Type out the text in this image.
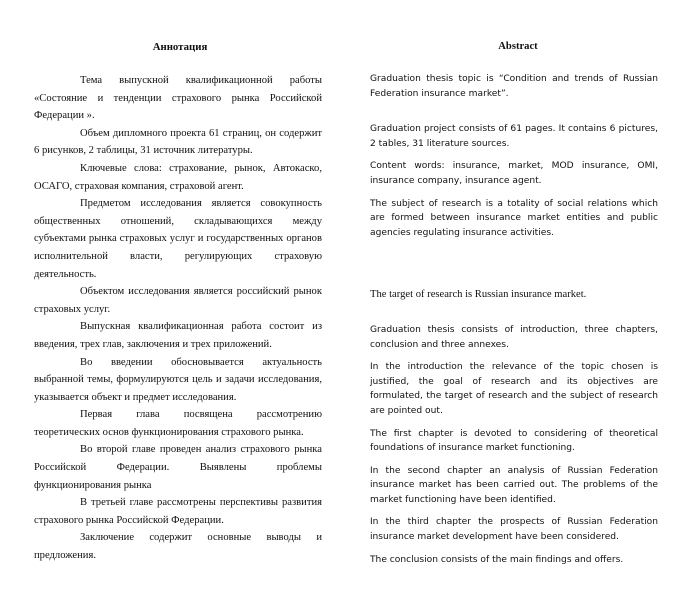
Аннотация

Тема выпускной квалификационной работы «Состояние и тенденции страхового рынка Российской Федерации ».

Объем дипломного проекта 61 страниц, он содержит 6 рисунков, 2 таблицы, 31 источник литературы.

Ключевые слова: страхование, рынок, Автокаско, ОСАГО, страховая компания, страховой агент.

Предметом исследования является совокупность общественных отношений, складывающихся между субъектами рынка страховых услуг и государственных органов исполнительной власти, регулирующих страховую деятельность.

Объектом исследования является российский рынок страховых услуг.

Выпускная квалификационная работа состоит из введения, трех глав, заключения и трех приложений.

Во введении обосновывается актуальность выбранной темы, формулируются цель и задачи исследования, указывается объект и предмет исследования.

Первая глава посвящена рассмотрению теоретических основ функционирования страхового рынка.

Во второй главе проведен анализ страхового рынка Российской Федерации. Выявлены проблемы функционирования рынка

В третьей главе рассмотрены перспективы развития страхового рынка Российской Федерации.

Заключение содержит основные выводы и предложения.

Abstract

Graduation thesis topic is “Condition and trends of Russian Federation insurance market”.

Graduation project consists of 61 pages. It contains 6 pictures, 2 tables, 31 literature sources.

Content words: insurance, market, MOD insurance, OMI, insurance company, insurance agent.

The subject of research is a totality of social relations which are formed between insurance market entities and public agencies regulating insurance activities.

The target of research is Russian insurance market.

Graduation thesis consists of introduction, three chapters, conclusion and three annexes.

In the introduction the relevance of the topic chosen is justified, the goal of research and its objectives are formulated, the target of research and the subject of research are pointed out.

The first chapter is devoted to considering of theoretical foundations of insurance market functioning.

In the second chapter an analysis of Russian Federation insurance market has been carried out. The problems of the market functioning have been identified.

In the third chapter the prospects of Russian Federation insurance market development have been considered.

The conclusion consists of the main findings and offers.
